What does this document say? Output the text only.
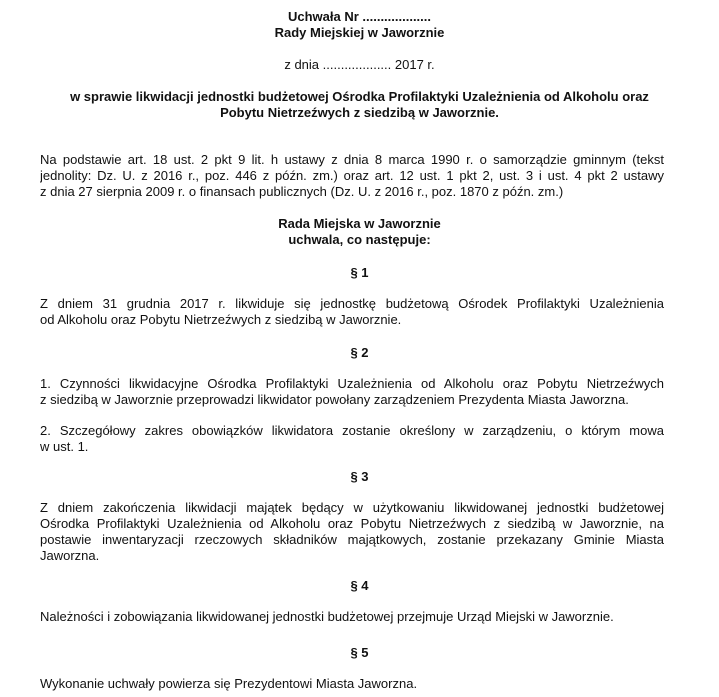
Uchwała Nr ...................
Rady Miejskiej w Jaworznie
z dnia ................... 2017 r.
w sprawie likwidacji jednostki budżetowej Ośrodka Profilaktyki Uzależnienia od Alkoholu oraz
Pobytu Nietrzeźwych z siedzibą w Jaworznie.
Na podstawie art. 18 ust. 2 pkt 9 lit. h ustawy z dnia 8 marca 1990 r. o samorządzie gminnym (tekst
jednolity: Dz. U. z 2016 r., poz. 446 z późn. zm.) oraz art. 12 ust. 1 pkt 2, ust. 3 i ust. 4 pkt 2 ustawy
z dnia 27 sierpnia 2009 r. o finansach publicznych (Dz. U. z 2016 r., poz. 1870 z późn. zm.)
Rada Miejska w Jaworznie
uchwala, co następuje:
§ 1
Z dniem 31 grudnia 2017 r. likwiduje się jednostkę budżetową Ośrodek Profilaktyki Uzależnienia
od Alkoholu oraz Pobytu Nietrzeźwych z siedzibą w Jaworznie.
§ 2
1. Czynności likwidacyjne Ośrodka Profilaktyki Uzależnienia od Alkoholu oraz Pobytu Nietrzeźwych
z siedzibą w Jaworznie przeprowadzi likwidator powołany zarządzeniem Prezydenta Miasta Jaworzna.
2. Szczegółowy zakres obowiązków likwidatora zostanie określony w zarządzeniu, o którym mowa
w ust. 1.
§ 3
Z dniem zakończenia likwidacji majątek będący w użytkowaniu likwidowanej jednostki budżetowej
Ośrodka Profilaktyki Uzależnienia od Alkoholu oraz Pobytu Nietrzeźwych z siedzibą w Jaworznie, na
postawie inwentaryzacji rzeczowych składników majątkowych, zostanie przekazany Gminie Miasta
Jaworzna.
§ 4
Należności i zobowiązania likwidowanej jednostki budżetowej przejmuje Urząd Miejski w Jaworznie.
§ 5
Wykonanie uchwały powierza się Prezydentowi Miasta Jaworzna.
